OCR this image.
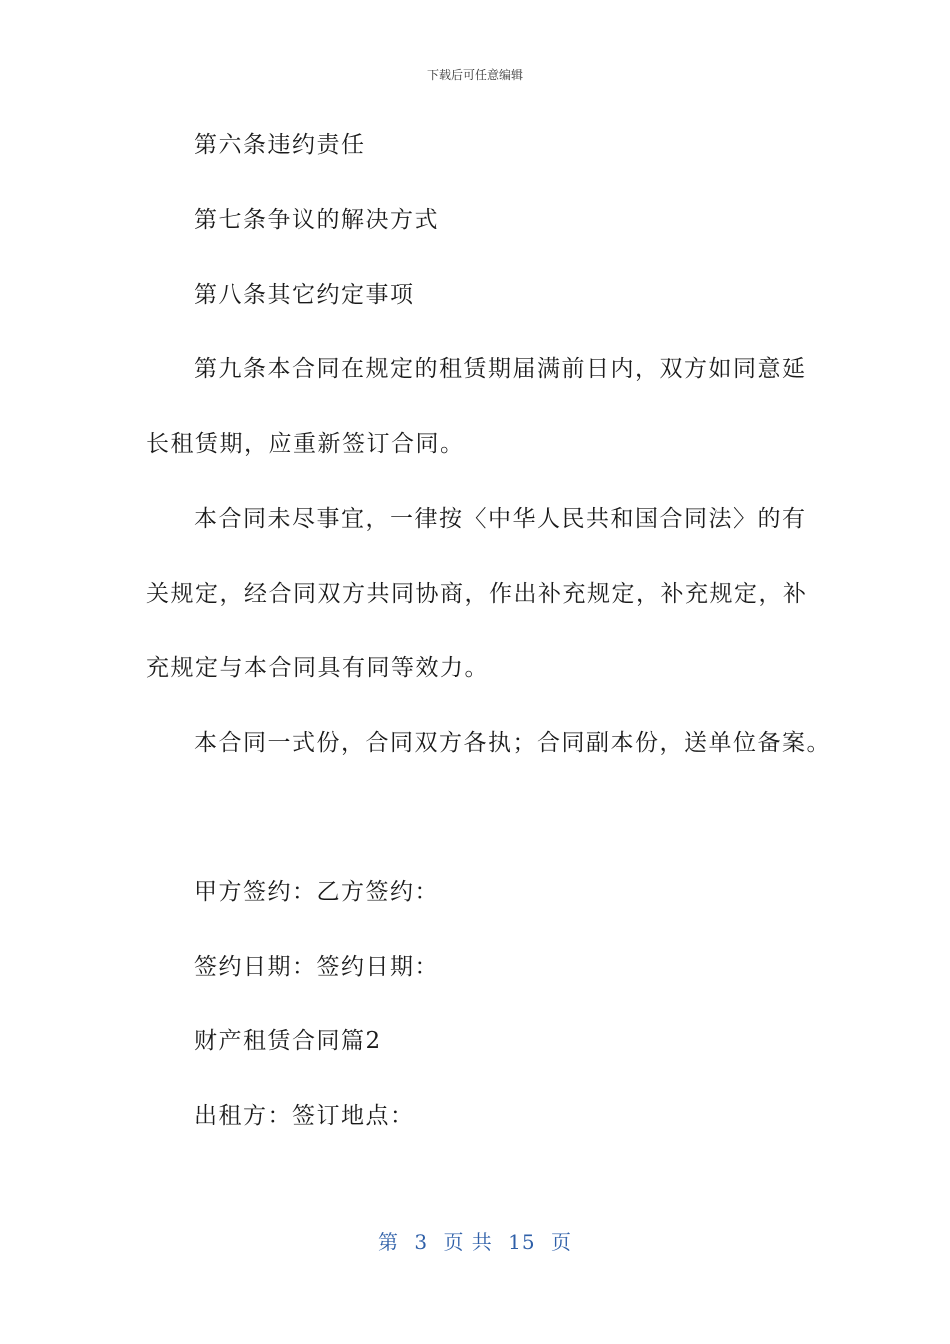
下载后可任意编辑
第六条违约责任
第七条争议的解决方式
第八条其它约定事项
第九条本合同在规定的租赁期届满前日内，双方如同意延
长租赁期，应重新签订合同。
本合同未尽事宜，一律按〈中华人民共和国合同法〉的有
关规定，经合同双方共同协商，作出补充规定，补充规定，补
充规定与本合同具有同等效力。
本合同一式份，合同双方各执；合同副本份，送单位备案。
甲方签约：乙方签约：
签约日期：签约日期：
财产租赁合同篇2
出租方：签订地点：
第 3 页 共 15 页
